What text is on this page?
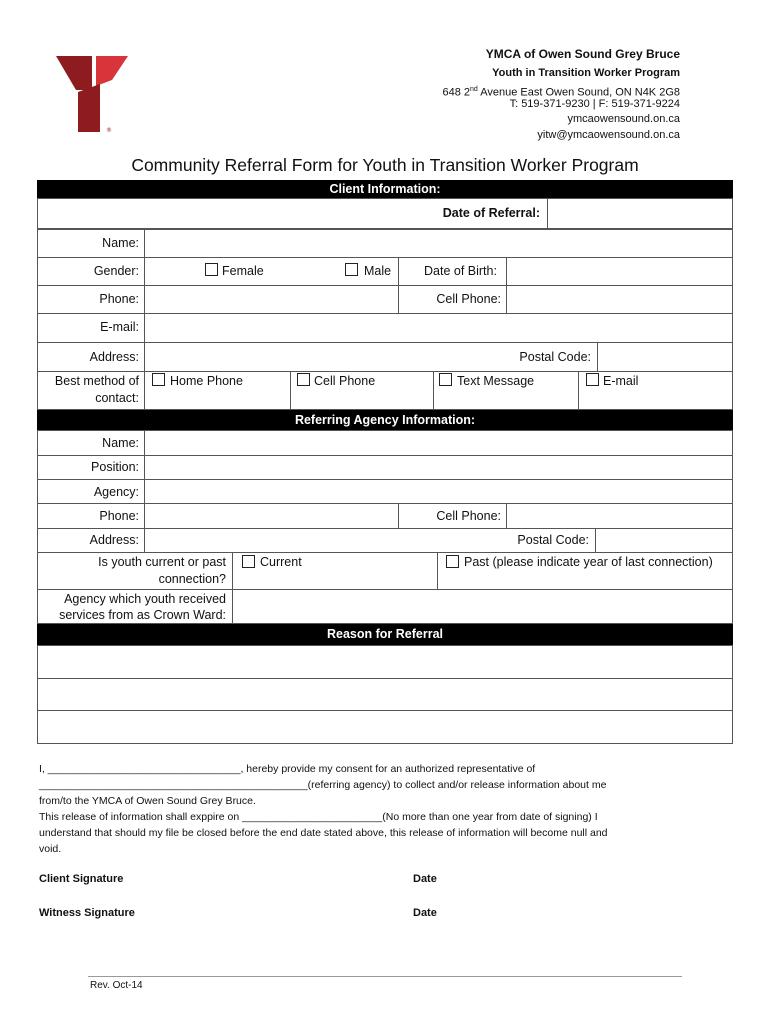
®
YMCA of Owen Sound Grey Bruce
Youth in Transition Worker Program
648 2nd Avenue East Owen Sound, ON N4K 2G8
T: 519-371-9230 | F: 519-371-9224
ymcaowensound.on.ca
yitw@ymcaowensound.on.ca
Community Referral Form for Youth in Transition Worker Program
Client Information:
Date of Referral:
Name:
Gender:	Female	Male	Date of Birth:
Phone:	Cell Phone:
E-mail:
Address:	Postal Code:
Best method of
contact:
Home Phone	Cell Phone	Text Message	E-mail
Referring Agency Information:
Name:
Position:
Agency:
Phone:	Cell Phone:
Address:	Postal Code:
Is youth current or past
connection?
Current	Past (please indicate year of last connection)
Agency which youth received
services from as Crown Ward:
Reason for Referral
I, _________________________________, hereby provide my consent for an authorized representative of
______________________________________________(referring agency) to collect and/or release information about me
from/to the YMCA of Owen Sound Grey Bruce.
This release of information shall exppire on ________________________(No more than one year from date of signing) I
understand that should my file be closed before the end date stated above, this release of information will become null and
void.
Client Signature	Date
Witness Signature	Date
Rev. Oct-14
